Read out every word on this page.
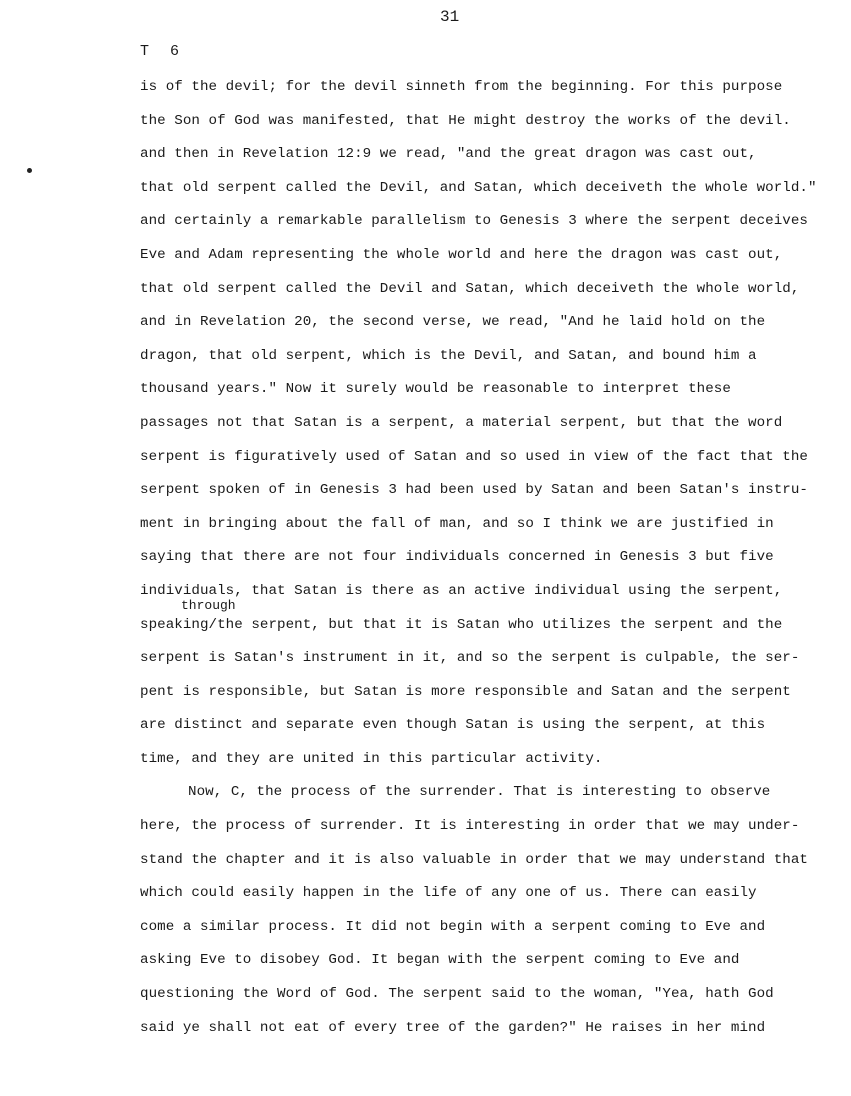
31
T 6
through
is of the devil; for the devil sinneth from the beginning. For this purpose
the Son of God was manifested, that He might destroy the works of the devil.
and then in Revelation 12:9 we read, "and the great dragon was cast out,
that old serpent called the Devil, and Satan, which deceiveth the whole world."
and certainly a remarkable parallelism to Genesis 3 where the serpent deceives
Eve and Adam representing the whole world and here the dragon was cast out,
that old serpent called the Devil and Satan, which deceiveth the whole world,
and in Revelation 20, the second verse, we read, "And he laid hold on the
dragon, that old serpent, which is the Devil, and Satan, and bound him a
thousand years." Now it surely would be reasonable to interpret these
passages not that Satan is a serpent, a material serpent, but that the word
serpent is figuratively used of Satan and so used in view of the fact that the
serpent spoken of in Genesis 3 had been used by Satan and been Satan's instru-
ment in bringing about the fall of man, and so I think we are justified in
saying that there are not four individuals concerned in Genesis 3 but five
individuals, that Satan is there as an active individual using the serpent,
speaking/the serpent, but that it is Satan who utilizes the serpent and the
serpent is Satan's instrument in it, and so the serpent is culpable, the ser-
pent is responsible, but Satan is more responsible and Satan and the serpent
are distinct and separate even though Satan is using the serpent, at this
time, and they are united in this particular activity.
Now, C, the process of the surrender. That is interesting to observe
here, the process of surrender. It is interesting in order that we may under-
stand the chapter and it is also valuable in order that we may understand that
which could easily happen in the life of any one of us. There can easily
come a similar process. It did not begin with a serpent coming to Eve and
asking Eve to disobey God. It began with the serpent coming to Eve and
questioning the Word of God. The serpent said to the woman, "Yea, hath God
said ye shall not eat of every tree of the garden?" He raises in her mind
